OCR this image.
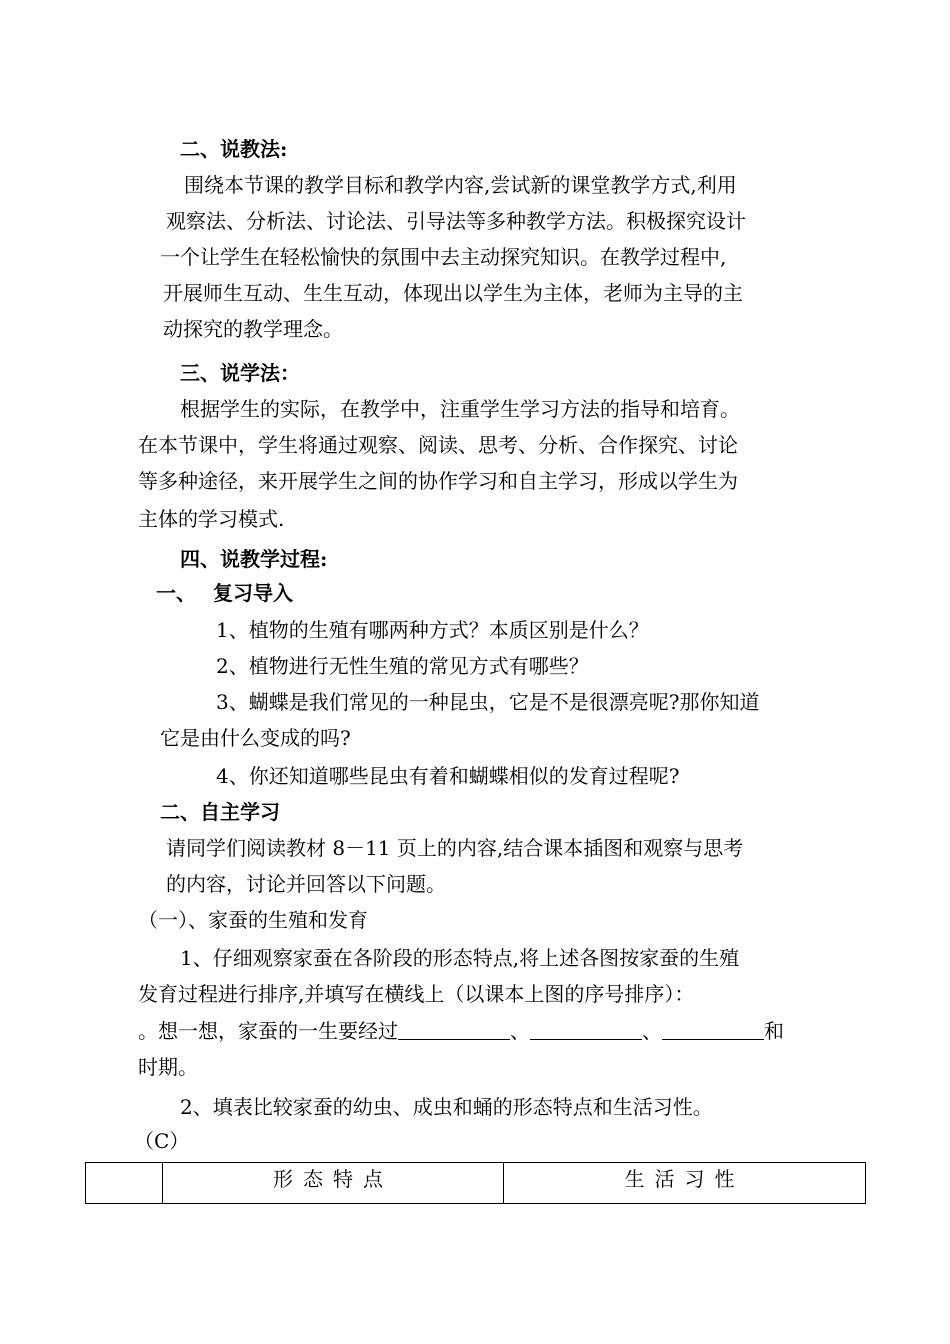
二、说教法:
围绕本节课的教学目标和教学内容,尝试新的课堂教学方式,利用
观察法、分析法、讨论法、引导法等多种教学方法。积极探究设计
一个让学生在轻松愉快的氛围中去主动探究知识。在教学过程中,
开展师生互动、生生互动，体现出以学生为主体，老师为主导的主
动探究的教学理念。
三、说学法：
根据学生的实际，在教学中，注重学生学习方法的指导和培育。
在本节课中，学生将通过观察、阅读、思考、分析、合作探究、讨论
等多种途径，来开展学生之间的协作学习和自主学习，形成以学生为
主体的学习模式.
四、说教学过程:
一、 复习导入
1、植物的生殖有哪两种方式？本质区别是什么？
2、植物进行无性生殖的常见方式有哪些？
3、蝴蝶是我们常见的一种昆虫，它是不是很漂亮呢?那你知道
它是由什么变成的吗?
4、你还知道哪些昆虫有着和蝴蝶相似的发育过程呢?
二、自主学习
请同学们阅读教材 8－11 页上的内容,结合课本插图和观察与思考
的内容，讨论并回答以下问题。
（一）、家蚕的生殖和发育
1、仔细观察家蚕在各阶段的形态特点,将上述各图按家蚕的生殖
发育过程进行排序,并填写在横线上（以课本上图的序号排序）：
。想一想，家蚕的一生要经过	、	、	和
时期。
2、填表比较家蚕的幼虫、成虫和蛹的形态特点和生活习性。
（C）
	形态特点	生活习性
